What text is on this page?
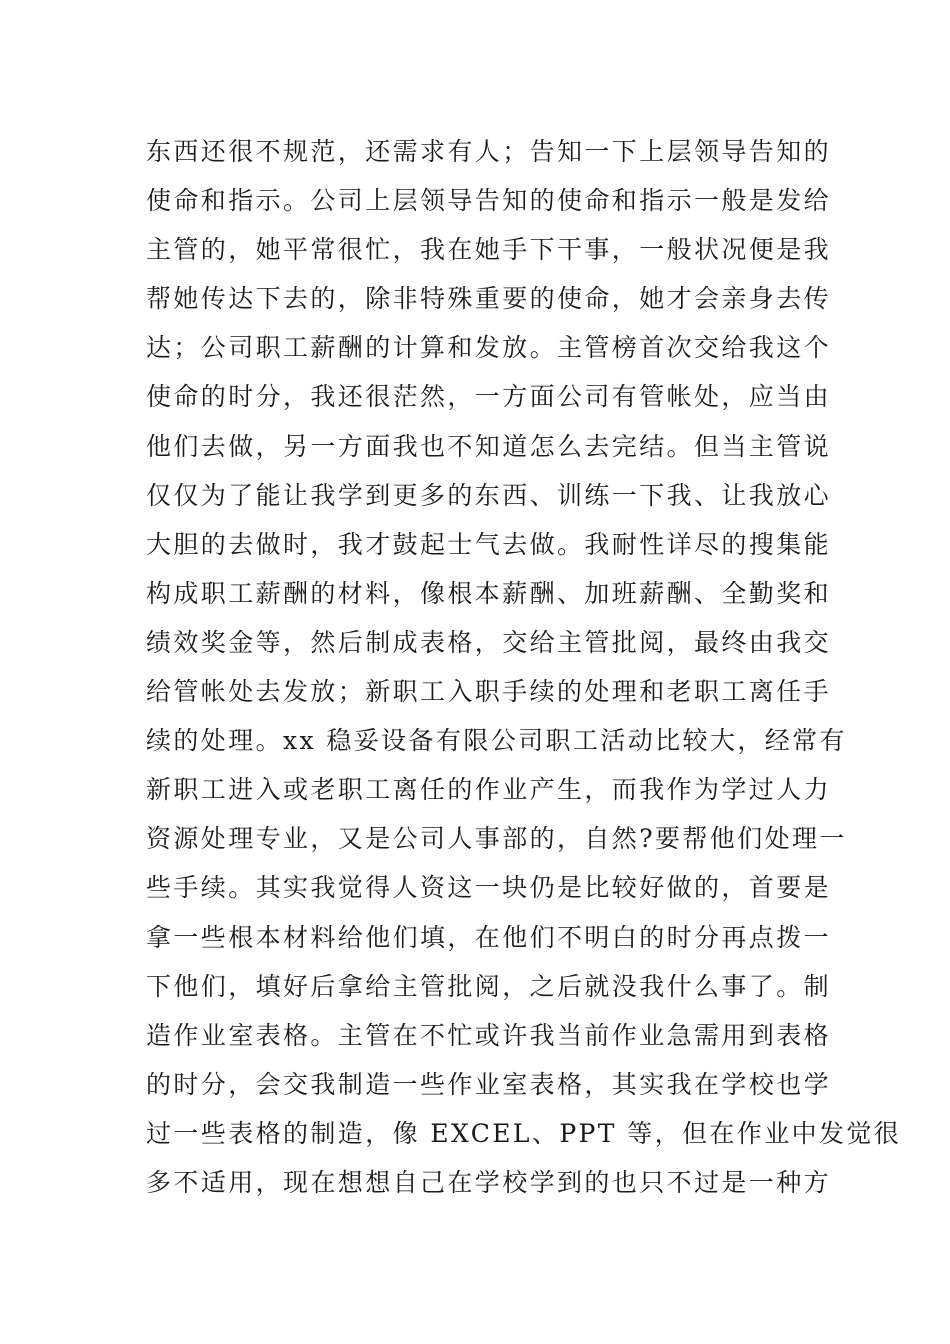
东西还很不规范，还需求有人；告知一下上层领导告知的
使命和指示。公司上层领导告知的使命和指示一般是发给
主管的，她平常很忙，我在她手下干事，一般状况便是我
帮她传达下去的，除非特殊重要的使命，她才会亲身去传
达；公司职工薪酬的计算和发放。主管榜首次交给我这个
使命的时分，我还很茫然，一方面公司有管帐处，应当由
他们去做，另一方面我也不知道怎么去完结。但当主管说
仅仅为了能让我学到更多的东西、训练一下我、让我放心
大胆的去做时，我才鼓起士气去做。我耐性详尽的搜集能
构成职工薪酬的材料，像根本薪酬、加班薪酬、全勤奖和
绩效奖金等，然后制成表格，交给主管批阅，最终由我交
给管帐处去发放；新职工入职手续的处理和老职工离任手
续的处理。xx 稳妥设备有限公司职工活动比较大，经常有
新职工进入或老职工离任的作业产生，而我作为学过人力
资源处理专业，又是公司人事部的，自然?要帮他们处理一
些手续。其实我觉得人资这一块仍是比较好做的，首要是
拿一些根本材料给他们填，在他们不明白的时分再点拨一
下他们，填好后拿给主管批阅，之后就没我什么事了。制
造作业室表格。主管在不忙或许我当前作业急需用到表格
的时分，会交我制造一些作业室表格，其实我在学校也学
过一些表格的制造，像 EXCEL、PPT 等，但在作业中发觉很
多不适用，现在想想自己在学校学到的也只不过是一种方
